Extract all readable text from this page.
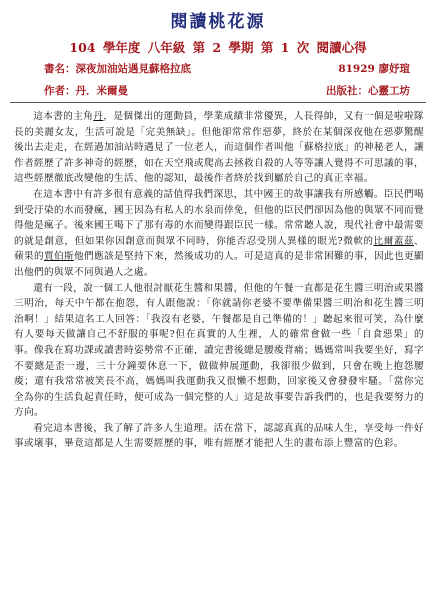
閱讀桃花源
104 學年度 八年級 第 2 學期 第 1 次 閱讀心得
書名：深夜加油站遇見蘇格拉底	81929 廖妤瑄
作者：丹．米爾曼	出版社：心靈工坊

這本書的主角丹，是個傑出的運動員，學業成績非常優異，人長得帥，又有一個是啦啦隊長的美麗女友，生活可說是「完美無缺」。但他卻常常作惡夢，終於在某個深夜他在惡夢驚醒後出去走走，在經過加油站時遇見了一位老人，而這個作者叫他「蘇格拉底」的神秘老人，讓作者經歷了許多神奇的經歷，如在天空飛或爬高去拯救自殺的人等等讓人覺得不可思議的事，這些經歷徹底改變他的生活、他的認知，最後作者終於找到屬於自己的真正幸福。

在這本書中有許多很有意義的話值得我們深思，其中國王的故事讓我有所感觸。臣民們喝到受汙染的水而發瘋，國王因為有私人的水泉而倖免，但他的臣民們卻因為他的與眾不同而覺得他是瘋子。後來國王喝下了那有毒的水而變得跟臣民一樣。常常聽人說，現代社會中最需要的就是創意，但如果你因創意而與眾不同時，你能否忍受別人異樣的眼光?微軟的比爾蓋茲、蘋果的賈伯斯他們應該是堅持下來，然後成功的人。可是這真的是非常困難的事，因此也更顯出他們的與眾不同與過人之處。

還有一段，說一個工人他很討厭花生醬和果醬，但他的午餐一直都是花生醬三明治或果醬三明治，每天中午都在抱怨，有人跟他說：「你就請你老婆不要準備果醬三明治和花生醬三明治啊！」結果這名工人回答：「我沒有老婆，午餐都是自己準備的！」聽起來很可笑，為什麼有人要每天做讓自己不舒服的事呢?但在真實的人生裡，人的確常會做一些「自食惡果」的事。像我在寫功課或讀書時姿勢常不正確，讀完書後總是腰痠背痛；媽媽常叫我要坐好，寫字不要總是歪一邊，三十分鐘要休息一下，做做伸展運動，我卻很少做到，只會在晚上抱怨腰痠；還有我常常被笑長不高，媽媽叫我運動我又很懶不想動，回家後又會發發牢騷。「當你完全為你的生活負起責任時，便可成為一個完整的人」這是故事要告訴我們的，也是我要努力的方向。

看完這本書後，我了解了許多人生道理。活在當下，認認真真的品味人生，享受每一件好事或壞事，畢竟這都是人生需要經歷的事，唯有經歷才能把人生的畫布添上豐富的色彩。
